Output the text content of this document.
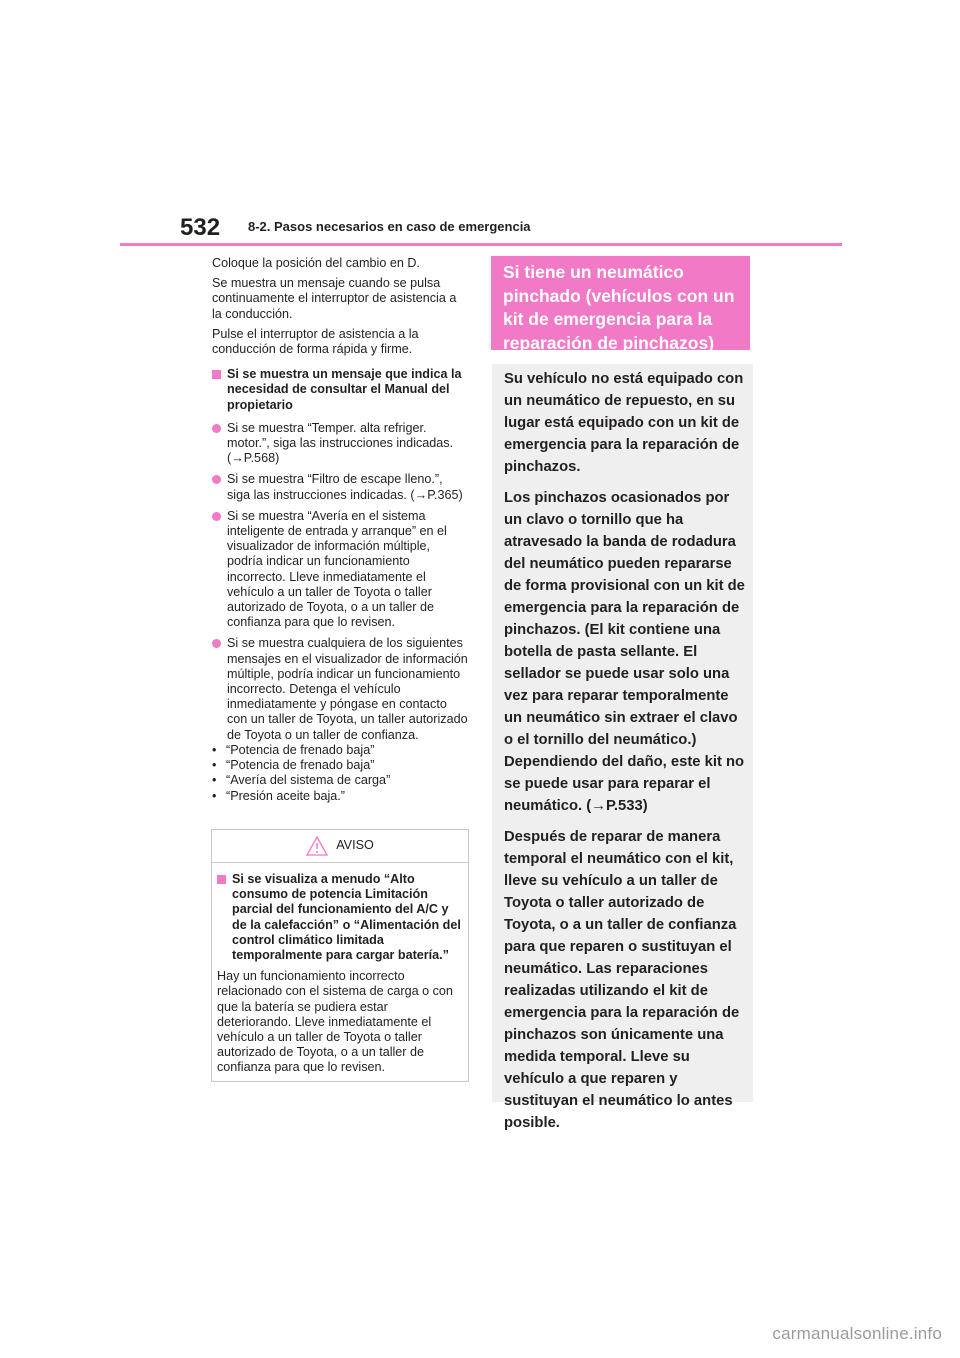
532 8-2. Pasos necesarios en caso de emergencia

Coloque la posición del cambio en D.

Se muestra un mensaje cuando se pulsa continuamente el interruptor de asistencia a la conducción.

Pulse el interruptor de asistencia a la conducción de forma rápida y firme.

Si se muestra un mensaje que indica la necesidad de consultar el Manual del propietario
Si se muestra “Temper. alta refriger. motor.”, siga las instrucciones indicadas. (→P.568)
Si se muestra “Filtro de escape lleno.”, siga las instrucciones indicadas. (→P.365)
Si se muestra “Avería en el sistema inteligente de entrada y arranque” en el visualizador de información múltiple, podría indicar un funcionamiento incorrecto. Lleve inmediatamente el vehículo a un taller de Toyota o taller autorizado de Toyota, o a un taller de confianza para que lo revisen.
Si se muestra cualquiera de los siguientes mensajes en el visualizador de información múltiple, podría indicar un funcionamiento incorrecto. Detenga el vehículo inmediatamente y póngase en contacto con un taller de Toyota, un taller autorizado de Toyota o un taller de confianza.
• “Potencia de frenado baja”
• “Potencia de frenado baja”
• “Avería del sistema de carga”
• “Presión aceite baja.”
AVISO
Si se visualiza a menudo “Alto consumo de potencia Limitación parcial del funcionamiento del A/C y de la calefacción” o “Alimentación del control climático limitada temporalmente para cargar batería.”

Hay un funcionamiento incorrecto relacionado con el sistema de carga o con que la batería se pudiera estar deteriorando. Lleve inmediatamente el vehículo a un taller de Toyota o taller autorizado de Toyota, o a un taller de confianza para que lo revisen.

Si tiene un neumático pinchado (vehículos con un kit de emergencia para la reparación de pinchazos)

Su vehículo no está equipado con un neumático de repuesto, en su lugar está equipado con un kit de emergencia para la reparación de pinchazos.

Los pinchazos ocasionados por un clavo o tornillo que ha atravesado la banda de rodadura del neumático pueden repararse de forma provisional con un kit de emergencia para la reparación de pinchazos. (El kit contiene una botella de pasta sellante. El sellador se puede usar solo una vez para reparar temporalmente un neumático sin extraer el clavo o el tornillo del neumático.) Dependiendo del daño, este kit no se puede usar para reparar el neumático. (→P.533)

Después de reparar de manera temporal el neumático con el kit, lleve su vehículo a un taller de Toyota o taller autorizado de Toyota, o a un taller de confianza para que reparen o sustituyan el neumático. Las reparaciones realizadas utilizando el kit de emergencia para la reparación de pinchazos son únicamente una medida temporal. Lleve su vehículo a que reparen y sustituyan el neumático lo antes posible.

carmanualsonline.info
